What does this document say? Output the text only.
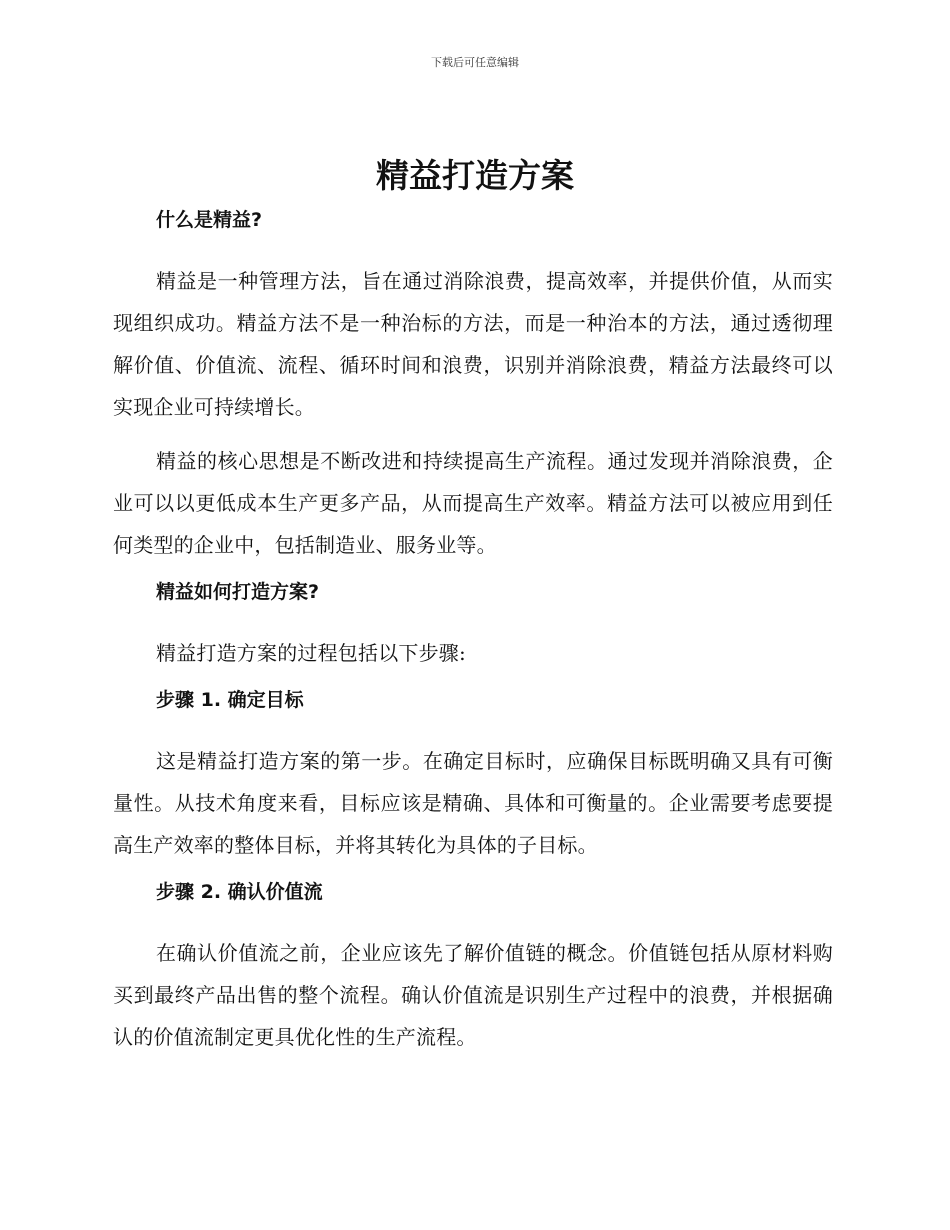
下载后可任意编辑
精益打造方案

什么是精益?

精益是一种管理方法，旨在通过消除浪费，提高效率，并提供价值，从而实现组织成功。精益方法不是一种治标的方法，而是一种治本的方法，通过透彻理解价值、价值流、流程、循环时间和浪费，识别并消除浪费，精益方法最终可以实现企业可持续增长。

精益的核心思想是不断改进和持续提高生产流程。通过发现并消除浪费，企业可以以更低成本生产更多产品，从而提高生产效率。精益方法可以被应用到任何类型的企业中，包括制造业、服务业等。

精益如何打造方案?

精益打造方案的过程包括以下步骤:

步骤 1. 确定目标

这是精益打造方案的第一步。在确定目标时，应确保目标既明确又具有可衡量性。从技术角度来看，目标应该是精确、具体和可衡量的。企业需要考虑要提高生产效率的整体目标，并将其转化为具体的子目标。

步骤 2. 确认价值流

在确认价值流之前，企业应该先了解价值链的概念。价值链包括从原材料购买到最终产品出售的整个流程。确认价值流是识别生产过程中的浪费，并根据确认的价值流制定更具优化性的生产流程。
